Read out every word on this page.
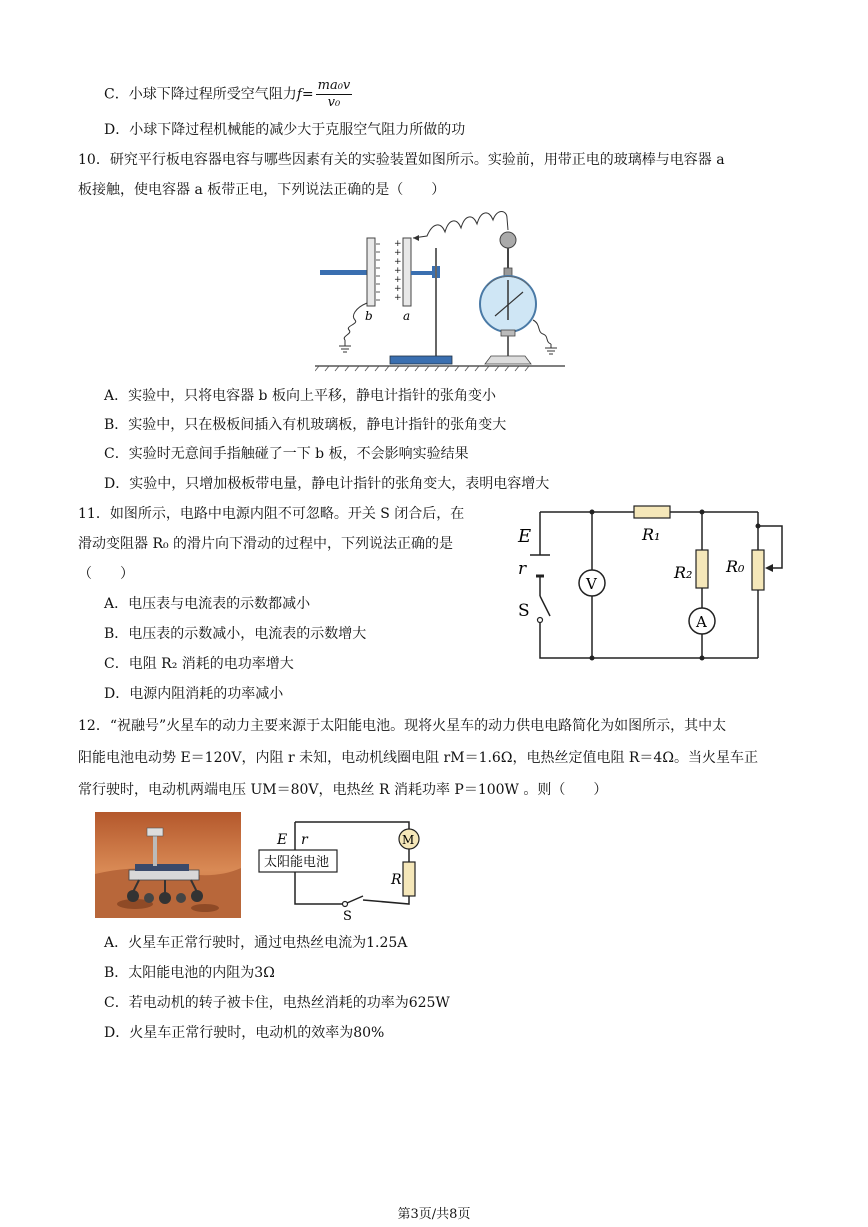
C．小球下降过程所受空气阻力$f= \frac{\text{ma₀v}}{\text{v₀}}$
D．小球下降过程机械能的减少大于克服空气阻力所做的功
10．研究平行板电容器电容与哪些因素有关的实验装置如图所示。实验前，用带正电的玻璃棒与电容器 a
板接触，使电容器 a 板带正电，下列说法正确的是（　　）
b
+
+
+
+
+
+
+
a
A．实验中，只将电容器 b 板向上平移，静电计指针的张角变小
B．实验中，只在极板间插入有机玻璃板，静电计指针的张角变大
C．实验时无意间手指触碰了一下 b 板，不会影响实验结果
D．实验中，只增加极板带电量，静电计指针的张角变大，表明电容增大
11．如图所示，电路中电源内阻不可忽略。开关 S 闭合后，在
滑动变阻器 R₀ 的滑片向下滑动的过程中，下列说法正确的是
（　　）
A．电压表与电流表的示数都减小
B．电压表的示数减小，电流表的示数增大
C．电阻 R₂ 消耗的电功率增大
D．电源内阻消耗的功率减小
E
r
S
V
R₁
R₂
A
R₀
12．“祝融号”火星车的动力主要来源于太阳能电池。现将火星车的动力供电电路简化为如图所示，其中太
阳能电池电动势 E＝120V，内阻 r 未知，电动机线圈电阻 rM＝1.6Ω，电热丝定值电阻 R＝4Ω。当火星车正
常行驶时，电动机两端电压 UM＝80V，电热丝 R 消耗功率 P＝100W 。则（　　）
E r
太阳能电池
M
R
S
A．火星车正常行驶时，通过电热丝电流为1.25A
B．太阳能电池的内阻为3Ω
C．若电动机的转子被卡住，电热丝消耗的功率为625W
D．火星车正常行驶时，电动机的效率为80%
第3页/共8页
